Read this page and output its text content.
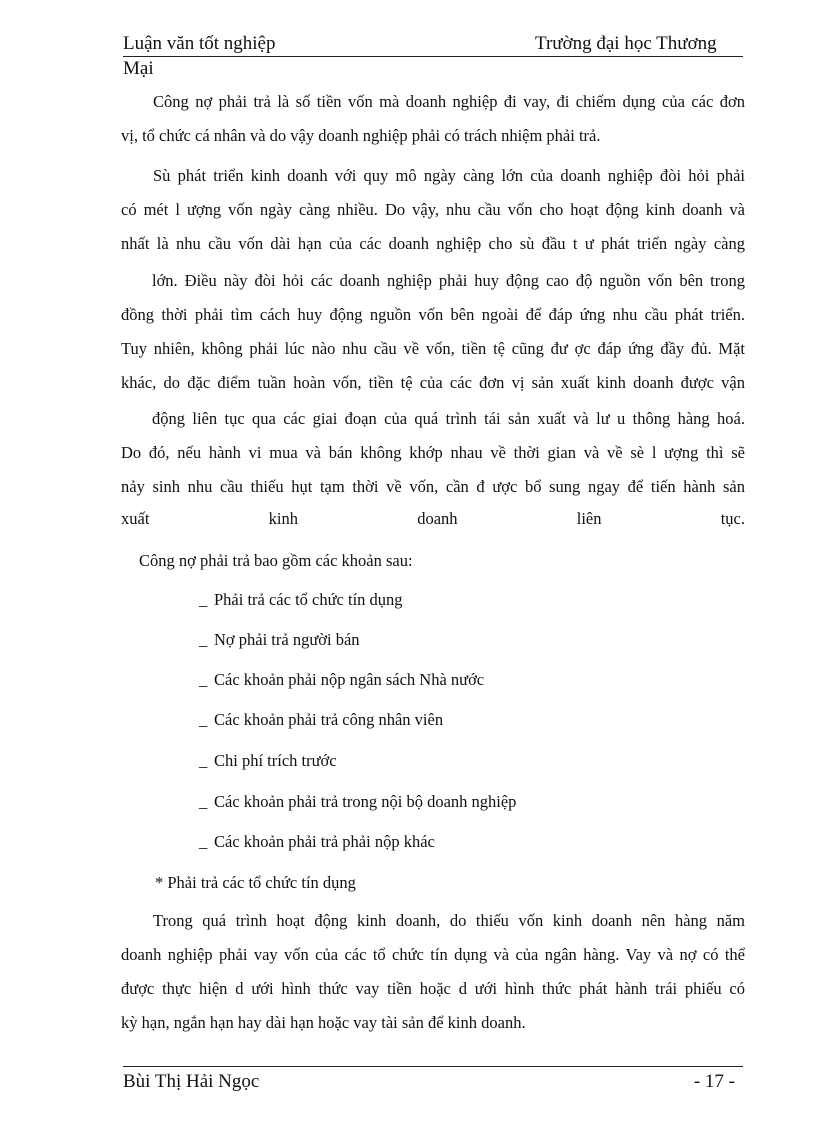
Luận văn tốt nghiệp	Trường đại học Thương
Mại
Công nợ phải trả là số tiền vốn mà doanh nghiệp đi vay, đi chiếm dụng của các đơn
vị, tổ chức cá nhân và do vậy doanh nghiệp phải có trách nhiệm phải trả.
Sù phát triển kinh doanh với quy mô ngày càng lớn của doanh nghiệp đòi hỏi phải
có mét l ượng vốn ngày càng nhiều. Do vậy, nhu cầu vốn cho hoạt động kinh doanh và
nhất là nhu cầu vốn dài hạn của các doanh nghiệp cho sù đầu t ư phát triển ngày càng
lớn. Điều này đòi hỏi các doanh nghiệp phải huy động cao độ nguồn vốn bên trong
đồng thời phải tìm cách huy động nguồn vốn bên ngoài để đáp ứng nhu cầu phát triển.
Tuy nhiên, không phải lúc nào nhu cầu về vốn, tiền tệ cũng đư ợc đáp ứng đầy đủ. Mặt
khác, do đặc điểm tuần hoàn vốn, tiền tệ của các đơn vị sản xuất kinh doanh được vận
động liên tục qua các giai đoạn của quá trình tái sản xuất và lư u thông hàng hoá.
Do đó, nếu hành vi mua và bán không khớp nhau về thời gian và về sè l ượng thì sẽ
nảy sinh nhu cầu thiếu hụt tạm thời về vốn, cần đ ược bổ sung ngay để tiến hành sản
xuất kinh doanh liên tục.
Công nợ phải trả bao gồm các khoản sau:
_ Phải trả các tổ chức tín dụng
_ Nợ phải trả người bán
_ Các khoản phải nộp ngân sách Nhà nước
_ Các khoản phải trả công nhân viên
_ Chi phí trích trước
_ Các khoản phải trả trong nội bộ doanh nghiệp
_ Các khoản phải trả phải nộp khác
* Phải trả các tổ chức tín dụng
Trong quá trình hoạt động kinh doanh, do thiếu vốn kinh doanh nên hàng năm
doanh nghiệp phải vay vốn của các tổ chức tín dụng và của ngân hàng. Vay và nợ có thể
được thực hiện d ưới hình thức vay tiền hoặc d ưới hình thức phát hành trái phiếu có
kỳ hạn, ngắn hạn hay dài hạn hoặc vay tài sản để kinh doanh.
Bùi Thị Hải Ngọc	- 17 -
